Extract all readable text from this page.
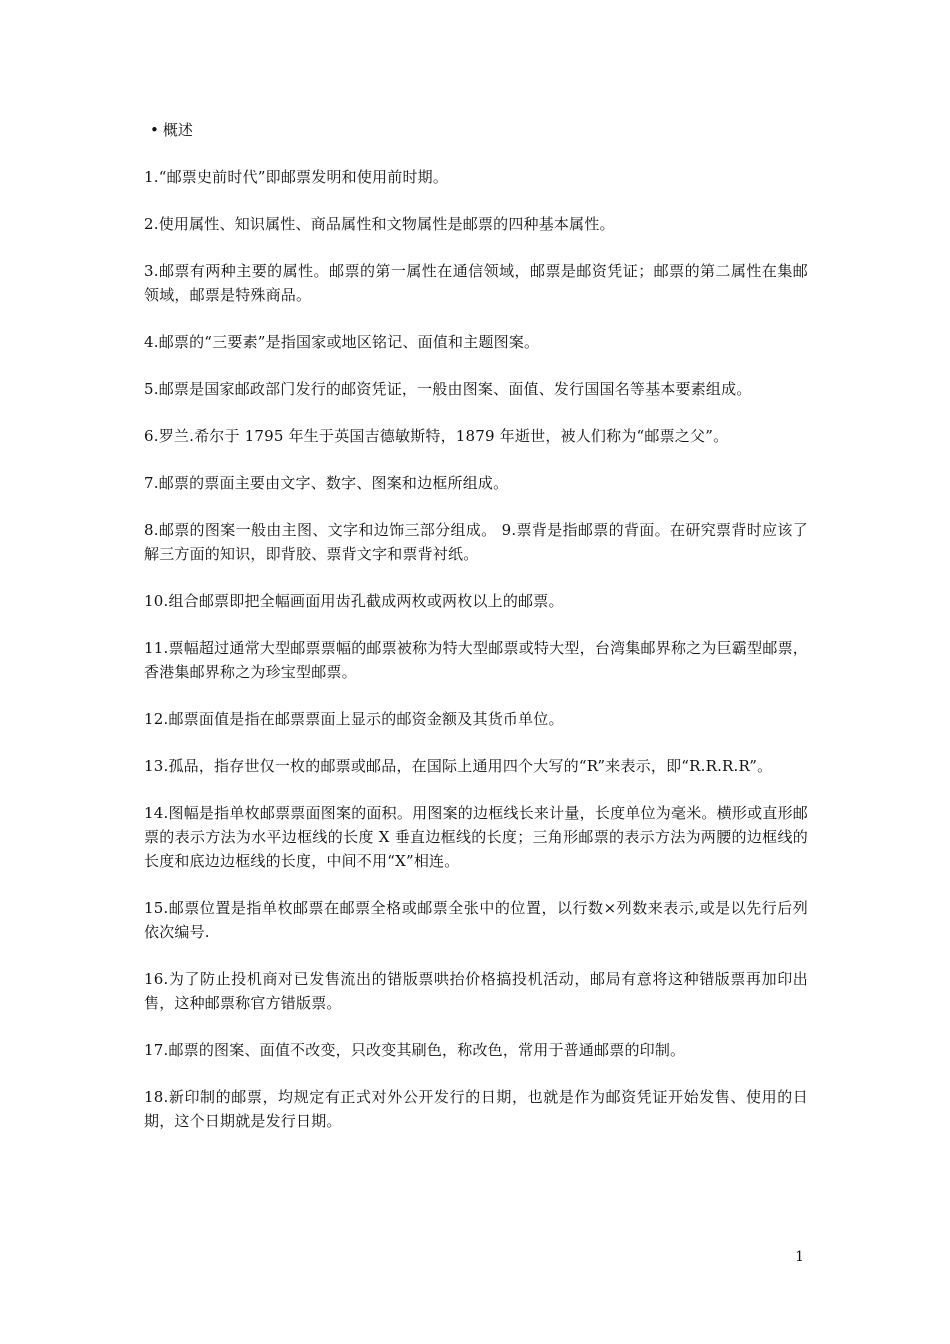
• 概述

1.“邮票史前时代”即邮票发明和使用前时期。

2.使用属性、知识属性、商品属性和文物属性是邮票的四种基本属性。

3.邮票有两种主要的属性。邮票的第一属性在通信领域，邮票是邮资凭证；邮票的第二属性在集邮领域，邮票是特殊商品。

4.邮票的“三要素”是指国家或地区铭记、面值和主题图案。

5.邮票是国家邮政部门发行的邮资凭证，一般由图案、面值、发行国国名等基本要素组成。

6.罗兰.希尔于 1795 年生于英国吉德敏斯特，1879 年逝世，被人们称为“邮票之父”。

7.邮票的票面主要由文字、数字、图案和边框所组成。

8.邮票的图案一般由主图、文字和边饰三部分组成。 9.票背是指邮票的背面。在研究票背时应该了解三方面的知识，即背胶、票背文字和票背衬纸。

10.组合邮票即把全幅画面用齿孔截成两枚或两枚以上的邮票。

11.票幅超过通常大型邮票票幅的邮票被称为特大型邮票或特大型，台湾集邮界称之为巨霸型邮票，香港集邮界称之为珍宝型邮票。

12.邮票面值是指在邮票票面上显示的邮资金额及其货币单位。

13.孤品，指存世仅一枚的邮票或邮品，在国际上通用四个大写的“R”来表示，即“R.R.R.R”。

14.图幅是指单枚邮票票面图案的面积。用图案的边框线长来计量，长度单位为毫米。横形或直形邮票的表示方法为水平边框线的长度 X 垂直边框线的长度；三角形邮票的表示方法为两腰的边框线的长度和底边边框线的长度，中间不用“X”相连。

15.邮票位置是指单枚邮票在邮票全格或邮票全张中的位置，以行数×列数来表示,或是以先行后列依次编号.

16.为了防止投机商对已发售流出的错版票哄抬价格搞投机活动，邮局有意将这种错版票再加印出售，这种邮票称官方错版票。

17.邮票的图案、面值不改变，只改变其刷色，称改色，常用于普通邮票的印制。

18.新印制的邮票，均规定有正式对外公开发行的日期，也就是作为邮资凭证开始发售、使用的日期，这个日期就是发行日期。

1
